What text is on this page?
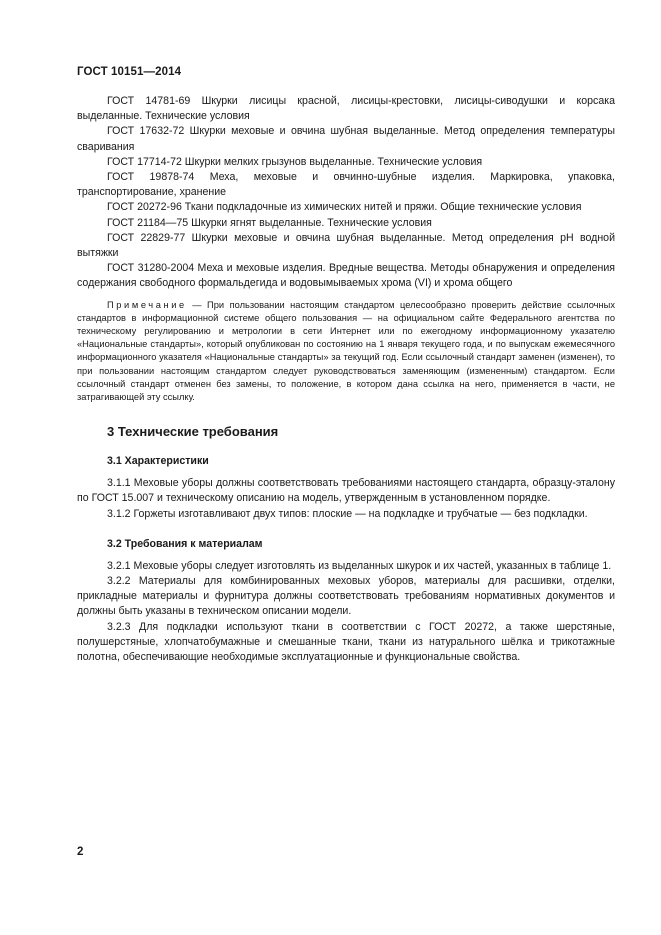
ГОСТ 10151—2014

ГОСТ 14781-69 Шкурки лисицы красной, лисицы-крестовки, лисицы-сиводушки и корсака выделанные. Технические условия

ГОСТ 17632-72 Шкурки меховые и овчина шубная выделанные. Метод определения температуры сваривания

ГОСТ 17714-72 Шкурки мелких грызунов выделанные. Технические условия

ГОСТ 19878-74 Меха, меховые и овчинно-шубные изделия. Маркировка, упаковка, транспортирование, хранение

ГОСТ 20272-96 Ткани подкладочные из химических нитей и пряжи. Общие технические условия

ГОСТ 21184—75 Шкурки ягнят выделанные. Технические условия

ГОСТ 22829-77 Шкурки меховые и овчина шубная выделанные. Метод определения pH водной вытяжки

ГОСТ 31280-2004 Меха и меховые изделия. Вредные вещества. Методы обнаружения и определения содержания свободного формальдегида и водовымываемых хрома (VI) и хрома общего

Примечание — При пользовании настоящим стандартом целесообразно проверить действие ссылочных стандартов в информационной системе общего пользования — на официальном сайте Федерального агентства по техническому регулированию и метрологии в сети Интернет или по ежегодному информационному указателю «Национальные стандарты», который опубликован по состоянию на 1 января текущего года, и по выпускам ежемесячного информационного указателя «Национальные стандарты» за текущий год. Если ссылочный стандарт заменен (изменен), то при пользовании настоящим стандартом следует руководствоваться заменяющим (измененным) стандартом. Если ссылочный стандарт отменен без замены, то положение, в котором дана ссылка на него, применяется в части, не затрагивающей эту ссылку.

3 Технические требования
3.1 Характеристики

3.1.1 Меховые уборы должны соответствовать требованиями настоящего стандарта, образцу-эталону по ГОСТ 15.007 и техническому описанию на модель, утвержденным в установленном порядке.

3.1.2 Горжеты изготавливают двух типов: плоские — на подкладке и трубчатые — без подкладки.

3.2 Требования к материалам

3.2.1 Меховые уборы следует изготовлять из выделанных шкурок и их частей, указанных в таблице 1.

3.2.2 Материалы для комбинированных меховых уборов, материалы для расшивки, отделки, прикладные материалы и фурнитура должны соответствовать требованиям нормативных документов и должны быть указаны в техническом описании модели.

3.2.3 Для подкладки используют ткани в соответствии с ГОСТ 20272, а также шерстяные, полушерстяные, хлопчатобумажные и смешанные ткани, ткани из натурального шёлка и трикотажные полотна, обеспечивающие необходимые эксплуатационные и функциональные свойства.

2
